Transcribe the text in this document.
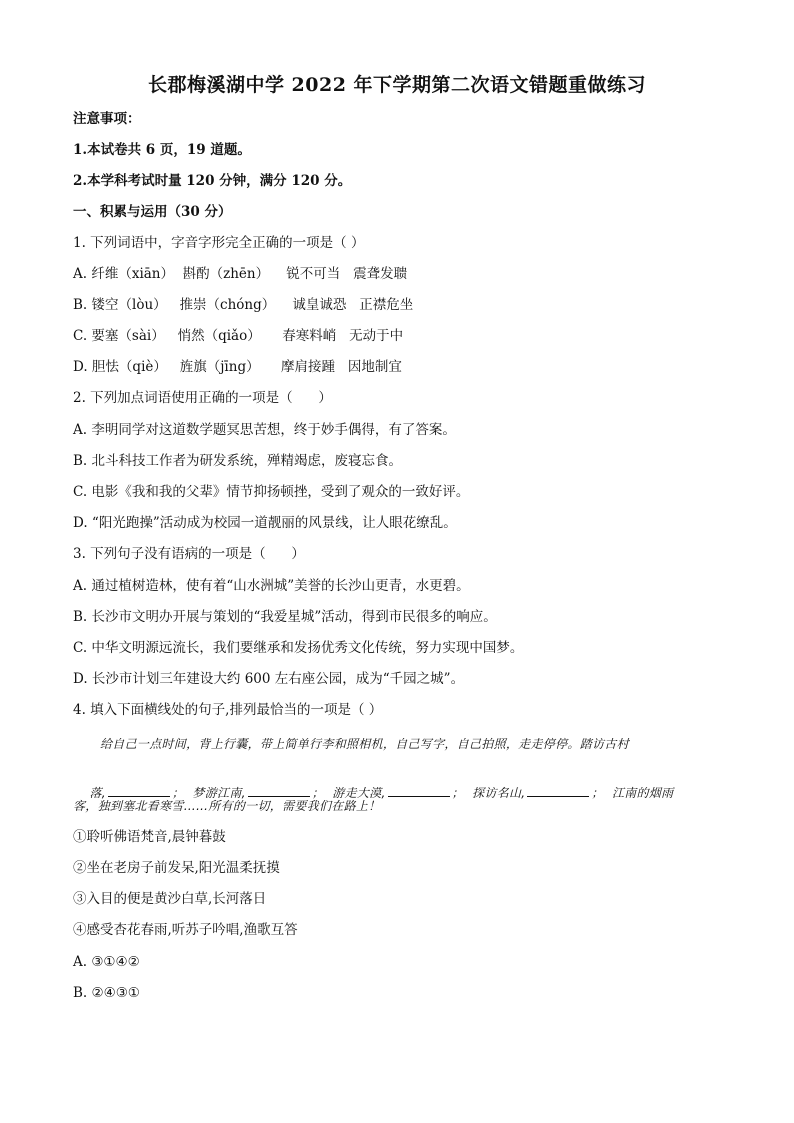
长郡梅溪湖中学 2022 年下学期第二次语文错题重做练习
注意事项：
1.本试卷共 6 页，19 道题。
2.本学科考试时量 120 分钟，满分 120 分。
一、积累与运用（30 分）
1. 下列词语中，字音字形完全正确的一项是（ ）
A. 纤维（xiān）  斟酌（zhēn）    锐不可当   震聋发聩
B. 镂空（lòu）   推崇（chóng）    诚皇诚恐   正襟危坐
C. 要塞（sài）   悄然（qiǎo）     春寒料峭   无动于中
D. 胆怯（qiè）   旌旗（jīng）     摩肩接踵   因地制宜
2. 下列加点词语使用正确的一项是（      ）
A. 李明同学对这道数学题冥思苦想，终于妙手偶得，有了答案。
B. 北斗科技工作者为研发系统，殚精竭虑，废寝忘食。
C. 电影《我和我的父辈》情节抑扬顿挫，受到了观众的一致好评。
D. “阳光跑操”活动成为校园一道靓丽的风景线，让人眼花缭乱。
3. 下列句子没有语病的一项是（      ）
A. 通过植树造林，使有着“山水洲城”美誉的长沙山更青，水更碧。
B. 长沙市文明办开展与策划的“我爱星城”活动，得到市民很多的响应。
C. 中华文明源远流长，我们要继承和发扬优秀文化传统，努力实现中国梦。
D. 长沙市计划三年建设大约 600 左右座公园，成为“千园之城”。
4. 填入下面横线处的句子,排列最恰当的一项是（ ）
给自己一点时间，背上行囊，带上简单行李和照相机，自己写字，自己拍照，走走停停。踏访古村

落,	；  梦游江南,	；  游走大漠,	；  探访名山,	；  江南的烟雨

客，独到塞北看寒雪……所有的一切，需要我们在路上！
①聆听佛语梵音,晨钟暮鼓
②坐在老房子前发呆,阳光温柔抚摸
③入目的便是黄沙白草,长河落日
④感受杏花春雨,听苏子吟唱,渔歌互答
A. ③①④②
B. ②④③①
